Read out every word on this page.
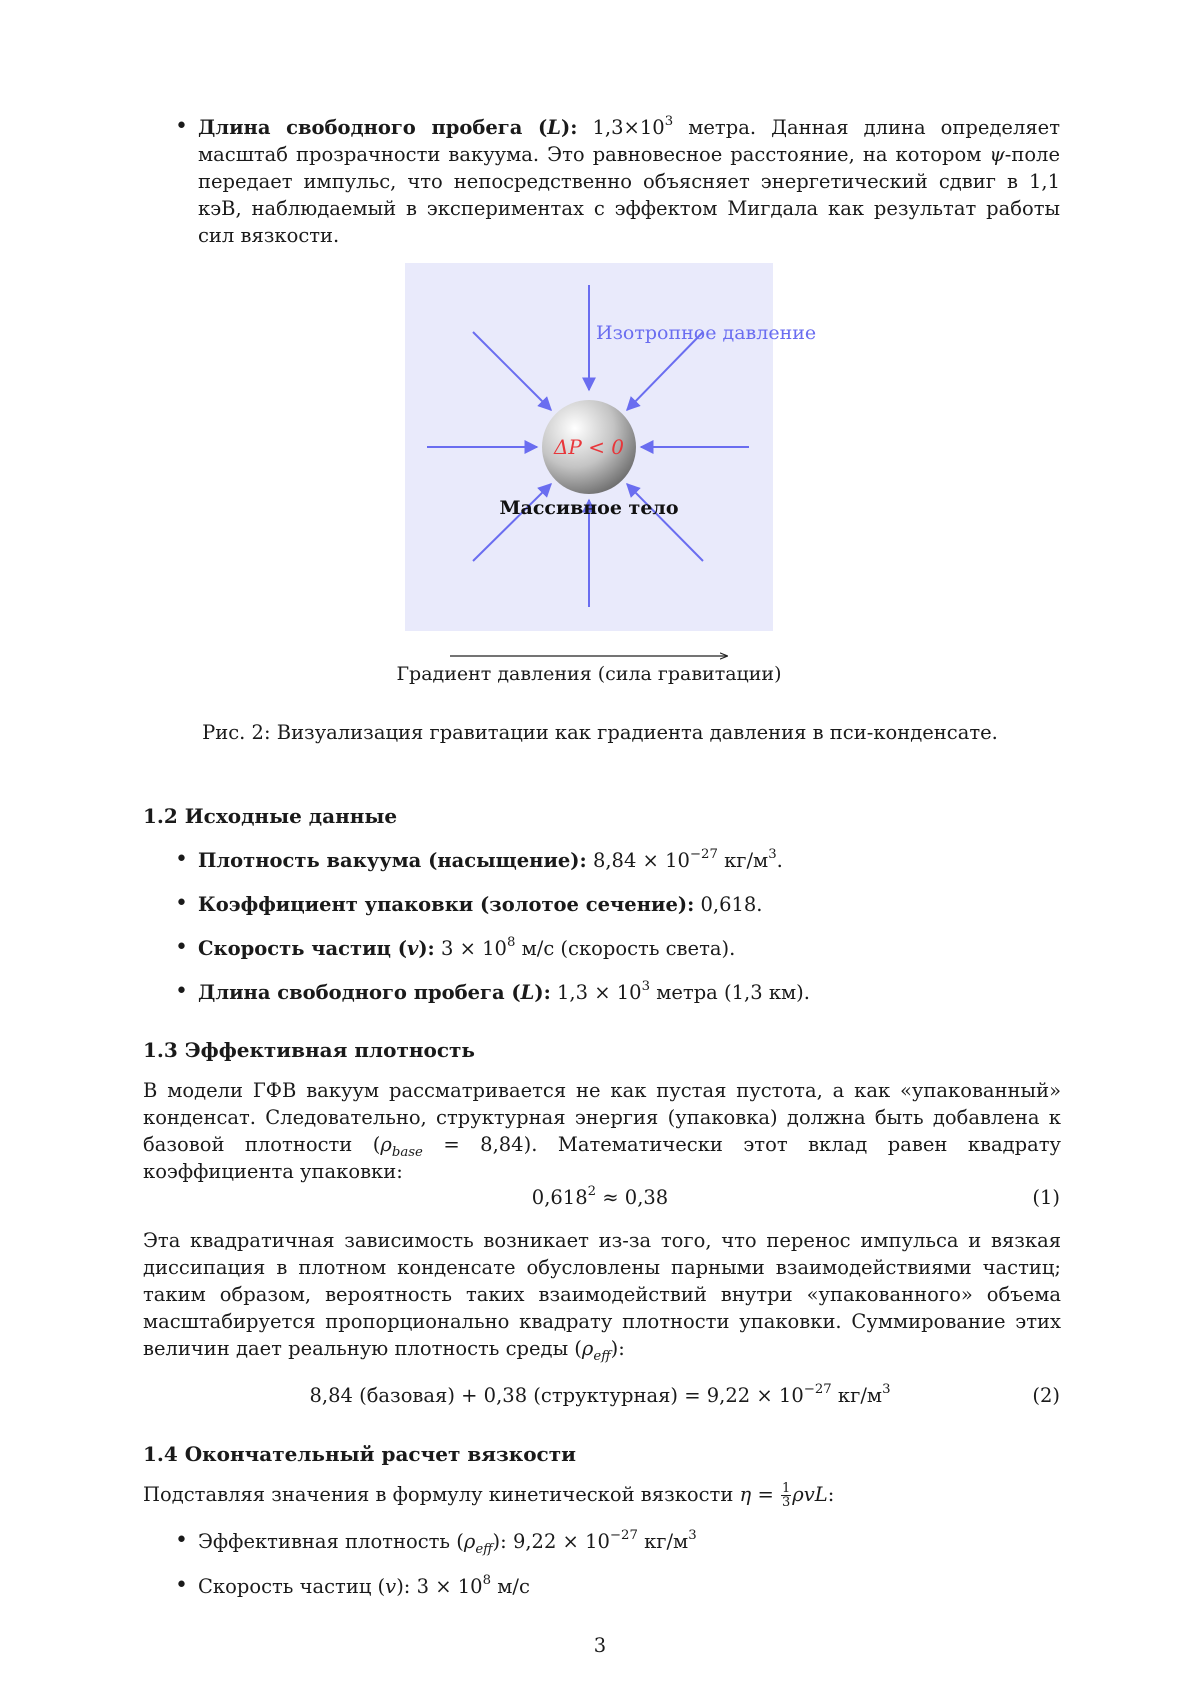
• Длина свободного пробега (L): $1,3\times 10^3$ метра. Данная длина определяет масштаб прозрачности вакуума. Это равновесное расстояние, на котором ψ-поле передает импульс, что непосредственно объясняет энергетический сдвиг в 1,1 кэВ, наблюдаемый в экспериментах с эффектом Мигдала как результат работы сил вязкости.
Изотропное давление
ΔP < 0
Массивное тело
Градиент давления (сила гравитации)
Рис. 2: Визуализация гравитации как градиента давления в пси-конденсате.
1.2 Исходные данные
• Плотность вакуума (насыщение): $8,84 \times 10^{-27}$ $кг/м^3$.
• Коэффициент упаковки (золотое сечение): 0,618.
• Скорость частиц (v): $3 \times 10^8$ м/с (скорость света).
• Длина свободного пробега (L): $1,3 \times 10^3$ метра (1,3 км).
1.3 Эффективная плотность
В модели ГФВ вакуум рассматривается не как пустая пустота, а как «упакованный» конденсат. Следовательно, структурная энергия (упаковка) должна быть добавлена к базовой плотности $(\rho_{base} = 8,84)$. Математически этот вклад равен квадрату коэффициента упаковки:
$0,618^2 \approx 0,38$	(1)
Эта квадратичная зависимость возникает из-за того, что перенос импульса и вязкая диссипация в плотном конденсате обусловлены парными взаимодействиями частиц; таким образом, вероятность таких взаимодействий внутри «упакованного» объема масштабируется пропорционально квадрату плотности упаковки. Суммирование этих величин дает реальную плотность среды $(\rho_{eff})$:
8,84 (базовая) + 0,38 (структурная) = $9,22 \times 10^{-27}$ $кг/м^3$	(2)
1.4 Окончательный расчет вязкости
Подставляя значения в формулу кинетической вязкости $\eta = \frac{1}{3} \rho vL$:
• Эффективная плотность $(\rho_{eff})$: $9,22 \times 10^{-27}$ $кг/м^3$
• Скорость частиц (v): $3 \times 10^8$ м/с
3
